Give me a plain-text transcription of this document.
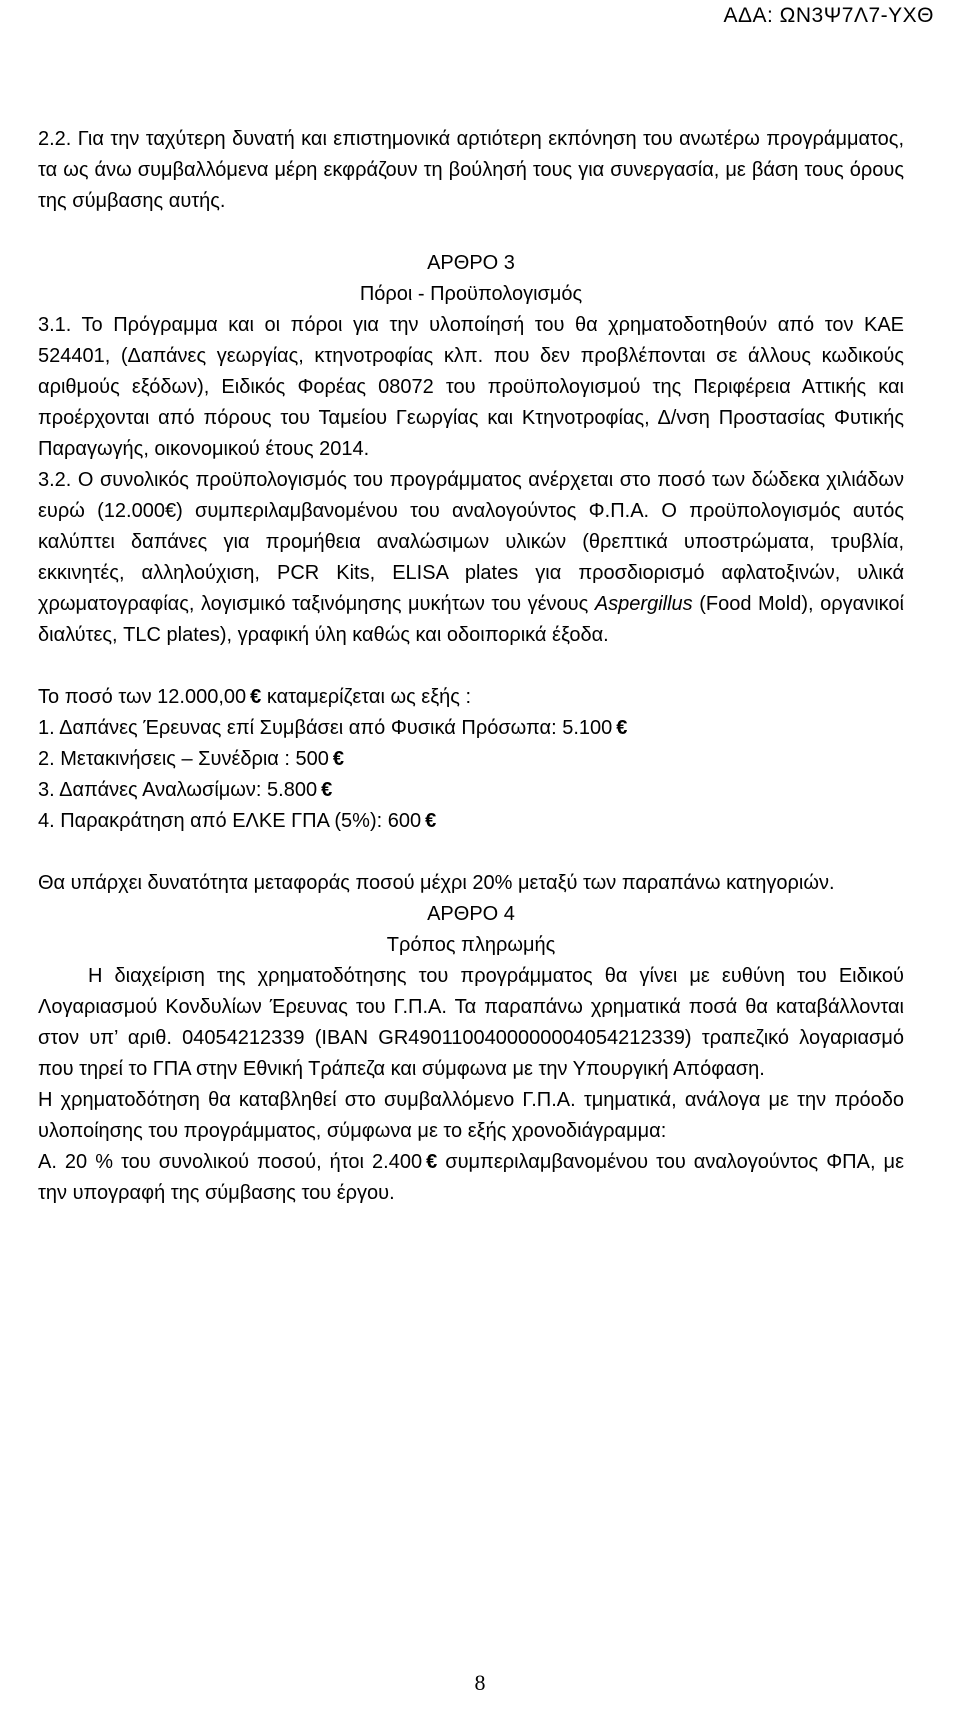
ΑΔΑ: ΩΝ3Ψ7Λ7-ΥΧΘ

2.2. Για την ταχύτερη δυνατή και επιστημονικά αρτιότερη εκπόνηση του ανωτέρω προγράμματος, τα ως άνω συμβαλλόμενα μέρη εκφράζουν τη βούλησή τους για συνεργασία, με βάση τους όρους της σύμβασης αυτής.

ΑΡΘΡΟ 3

Πόροι - Προϋπολογισμός

3.1. Το Πρόγραμμα και οι πόροι για την υλοποίησή του θα χρηματοδοτηθούν από τον ΚΑΕ 524401, (Δαπάνες γεωργίας, κτηνοτροφίας κλπ. που δεν προβλέπονται σε άλλους κωδικούς αριθμούς εξόδων), Ειδικός Φορέας 08072 του προϋπολογισμού της Περιφέρεια Αττικής και προέρχονται από πόρους του Ταμείου Γεωργίας και Κτηνοτροφίας, Δ/νση Προστασίας Φυτικής Παραγωγής, οικονομικού έτους 2014.

3.2. Ο συνολικός προϋπολογισμός του προγράμματος ανέρχεται στο ποσό των δώδεκα χιλιάδων ευρώ (12.000€) συμπεριλαμβανομένου του αναλογούντος Φ.Π.Α. Ο προϋπολογισμός αυτός καλύπτει δαπάνες για προμήθεια αναλώσιμων υλικών (θρεπτικά υποστρώματα, τρυβλία, εκκινητές, αλληλούχιση, PCR Kits, ELISA plates για προσδιορισμό αφλατοξινών, υλικά χρωματογραφίας, λογισμικό ταξινόμησης μυκήτων του γένους Aspergillus (Food Mold), οργανικοί διαλύτες, TLC plates), γραφική ύλη καθώς και οδοιπορικά έξοδα.

Το ποσό των 12.000,00 € καταμερίζεται ως εξής :

1. Δαπάνες Έρευνας επί Συμβάσει από Φυσικά Πρόσωπα: 5.100 €

2. Μετακινήσεις – Συνέδρια : 500 €

3. Δαπάνες Αναλωσίμων: 5.800 €

4. Παρακράτηση από ΕΛΚΕ ΓΠΑ (5%): 600 €

Θα υπάρχει δυνατότητα μεταφοράς ποσού μέχρι 20% μεταξύ των παραπάνω κατηγοριών.

ΑΡΘΡΟ 4

Τρόπος πληρωμής

Η διαχείριση της χρηματοδότησης του προγράμματος θα γίνει με ευθύνη του Ειδικού Λογαριασμού Κονδυλίων Έρευνας του Γ.Π.Α. Τα παραπάνω χρηματικά ποσά θα καταβάλλονται στον υπ’ αριθ. 04054212339 (IBAN GR4901100400000004054212339) τραπεζικό λογαριασμό που τηρεί το ΓΠΑ στην Εθνική Τράπεζα και σύμφωνα με την Υπουργική Απόφαση.

Η χρηματοδότηση θα καταβληθεί στο συμβαλλόμενο Γ.Π.Α. τμηματικά, ανάλογα με την πρόοδο υλοποίησης του προγράμματος, σύμφωνα με το εξής χρονοδιάγραμμα:

Α. 20 % του συνολικού ποσού, ήτοι 2.400 € συμπεριλαμβανομένου του αναλογούντος ΦΠΑ, με την υπογραφή της σύμβασης του έργου.

8
